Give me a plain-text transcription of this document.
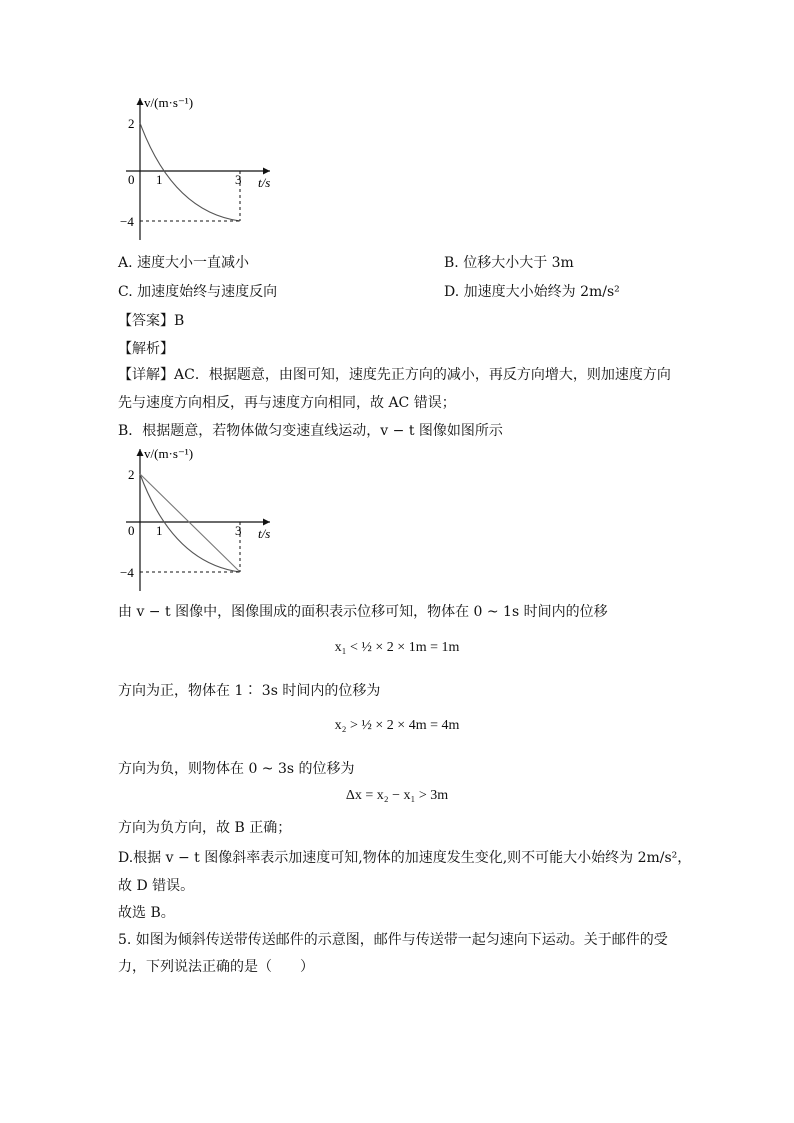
v/(m·s⁻¹)
t/s
0 1	3
2
−4
A. 速度大小一直减小	B. 位移大小大于 3m
C. 加速度始终与速度反向	D. 加速度大小始终为 2m/s²
【答案】B
【解析】
【详解】AC．根据题意，由图可知，速度先正方向的减小，再反方向增大，则加速度方向
先与速度方向相反，再与速度方向相同，故 AC 错误；
B．根据题意，若物体做匀变速直线运动，v − t 图像如图所示
v/(m·s⁻¹)
t/s
0 1	3
2
−4
由 v − t 图像中，图像围成的面积表示位移可知，物体在 0 ~ 1s 时间内的位移
x₁ < ½ × 2 × 1m = 1m
方向为正，物体在 1∶ 3s 时间内的位移为
x₂ > ½ × 2 × 4m = 4m
方向为负，则物体在 0 ~ 3s 的位移为
Δx = x₂ − x₁ > 3m
方向为负方向，故 B 正确；
D.根据 v − t 图像斜率表示加速度可知,物体的加速度发生变化,则不可能大小始终为 2m/s²，
故 D 错误。
故选 B。
5. 如图为倾斜传送带传送邮件的示意图，邮件与传送带一起匀速向下运动。关于邮件的受
力，下列说法正确的是（　　）
